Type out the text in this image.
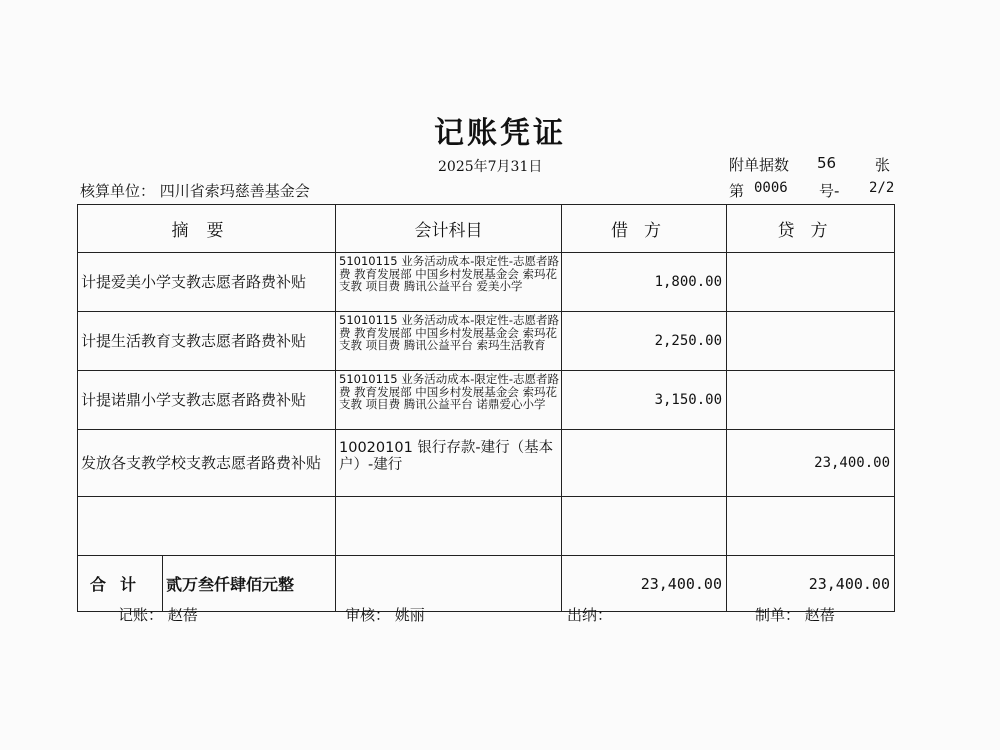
记账凭证
2025年7月31日	附单据数 56	张
核算单位： 四川省索玛慈善基金会	第 0006 号- 2/2
摘要	会计科目	借方	贷方
计提爱美小学支教志愿者路费补贴	51010115 业务活动成本-限定性-志愿者路费 教育发展部 中国乡村发展基金会 索玛花支教 项目费 腾讯公益平台 爱美小学	1,800.00	
计提生活教育支教志愿者路费补贴	51010115 业务活动成本-限定性-志愿者路费 教育发展部 中国乡村发展基金会 索玛花支教 项目费 腾讯公益平台 索玛生活教育	2,250.00	
计提诺鼎小学支教志愿者路费补贴	51010115 业务活动成本-限定性-志愿者路费 教育发展部 中国乡村发展基金会 索玛花支教 项目费 腾讯公益平台 诺鼎爱心小学	3,150.00	
发放各支教学校支教志愿者路费补贴	10020101 银行存款-建行（基本户）-建行		23,400.00

合计 贰万叁仟肆佰元整		23,400.00	23,400.00
记账： 赵蓓	审核： 姚丽	出纳：	制单： 赵蓓
